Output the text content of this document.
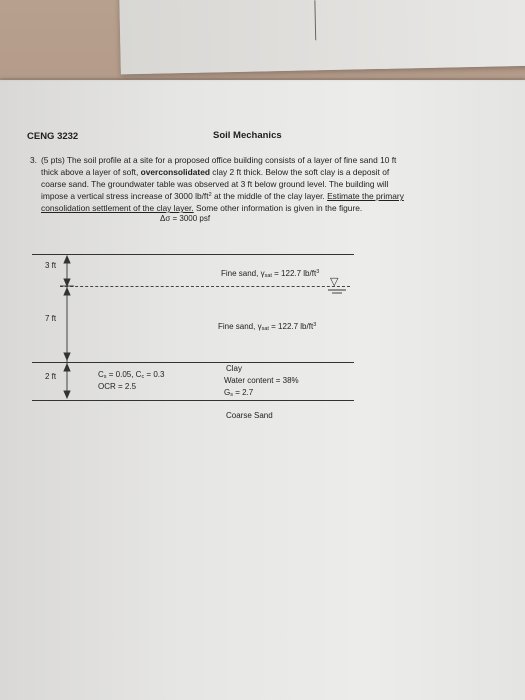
CENG 3232	Soil Mechanics
3. (5 pts) The soil profile at a site for a proposed office building consists of a layer of fine sand 10 ft
thick above a layer of soft, overconsolidated clay 2 ft thick. Below the soft clay is a deposit of
coarse sand. The groundwater table was observed at 3 ft below ground level. The building will
impose a vertical stress increase of 3000 $lb/ft^2$ at the middle of the clay layer. Estimate the primary
consolidation settlement of the clay layer. Some other information is given in the figure.
Δσ = 3000 psf
▽
3 ft
7 ft
2 ft
Fine sand, γsat = 122.7 $lb/ft^3$
Fine sand, γsat = 122.7 $lb/ft^3$
Cs = 0.05, Cc = 0.3
OCR = 2.5
Clay
Water content = 38%
Gs = 2.7
Coarse Sand
